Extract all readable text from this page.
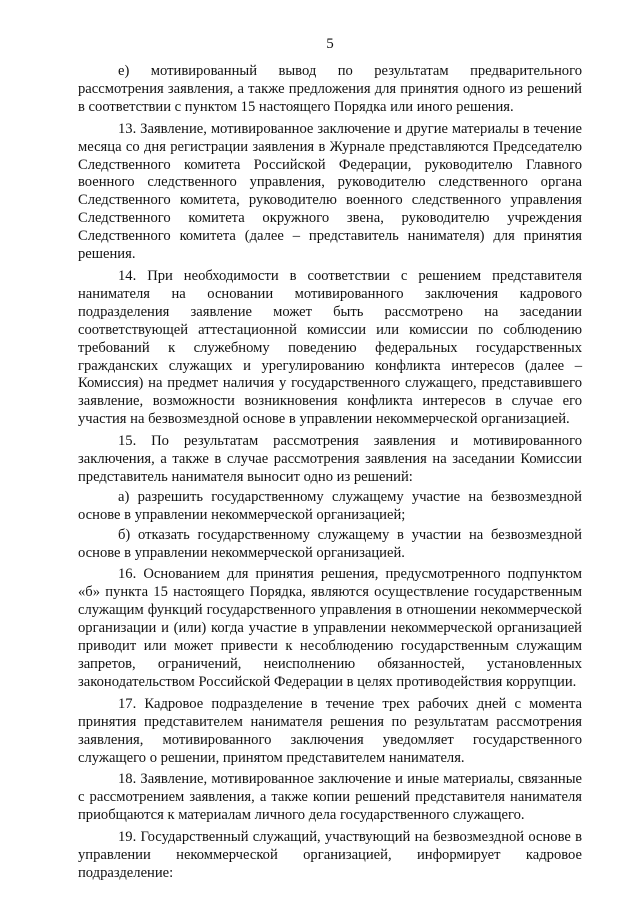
5

е) мотивированный вывод по результатам предварительного рассмотрения заявления, а также предложения для принятия одного из решений в соответствии с пунктом 15 настоящего Порядка или иного решения.

13. Заявление, мотивированное заключение и другие материалы в течение месяца со дня регистрации заявления в Журнале представляются Председателю Следственного комитета Российской Федерации, руководителю Главного военного следственного управления, руководителю следственного органа Следственного комитета, руководителю военного следственного управления Следственного комитета окружного звена, руководителю учреждения Следственного комитета (далее – представитель нанимателя) для принятия решения.

14. При необходимости в соответствии с решением представителя нанимателя на основании мотивированного заключения кадрового подразделения заявление может быть рассмотрено на заседании соответствующей аттестационной комиссии или комиссии по соблюдению требований к служебному поведению федеральных государственных гражданских служащих и урегулированию конфликта интересов (далее – Комиссия) на предмет наличия у государственного служащего, представившего заявление, возможности возникновения конфликта интересов в случае его участия на безвозмездной основе в управлении некоммерческой организацией.

15. По результатам рассмотрения заявления и мотивированного заключения, а также в случае рассмотрения заявления на заседании Комиссии представитель нанимателя выносит одно из решений:

а) разрешить государственному служащему участие на безвозмездной основе в управлении некоммерческой организацией;

б) отказать государственному служащему в участии на безвозмездной основе в управлении некоммерческой организацией.

16. Основанием для принятия решения, предусмотренного подпунктом «б» пункта 15 настоящего Порядка, являются осуществление государственным служащим функций государственного управления в отношении некоммерческой организации и (или) когда участие в управлении некоммерческой организацией приводит или может привести к несоблюдению государственным служащим запретов, ограничений, неисполнению обязанностей, установленных законодательством Российской Федерации в целях противодействия коррупции.

17. Кадровое подразделение в течение трех рабочих дней с момента принятия представителем нанимателя решения по результатам рассмотрения заявления, мотивированного заключения уведомляет государственного служащего о решении, принятом представителем нанимателя.

18. Заявление, мотивированное заключение и иные материалы, связанные с рассмотрением заявления, а также копии решений представителя нанимателя приобщаются к материалам личного дела государственного служащего.

19. Государственный служащий, участвующий на безвозмездной основе в управлении некоммерческой организацией, информирует кадровое подразделение:
